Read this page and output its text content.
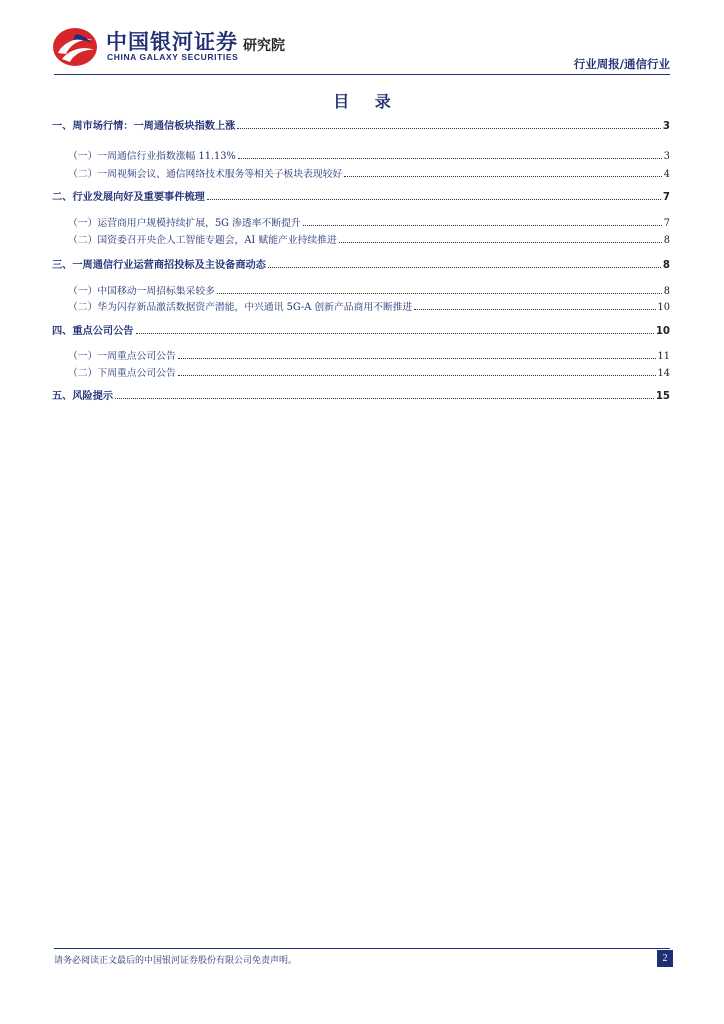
中国银河证券
CHINA GALAXY SECURITIES
研究院
行业周报/通信行业
目 录
一、周市场行情：一周通信板块指数上涨	3
（一）一周通信行业指数涨幅 11.13%	3
（二）一周视频会议、通信网络技术服务等相关子板块表现较好	4
二、行业发展向好及重要事件梳理	7
（一）运营商用户规模持续扩展，5G 渗透率不断提升	7
（二）国资委召开央企人工智能专题会，AI 赋能产业持续推进	8
三、一周通信行业运营商招投标及主设备商动态	8
（一）中国移动一周招标集采较多	8
（二）华为闪存新品激活数据资产潜能，中兴通讯 5G-A 创新产品商用不断推进	10
四、重点公司公告	10
（一）一周重点公司公告	11
（二）下周重点公司公告	14
五、风险提示	15
请务必阅读正文最后的中国银河证券股份有限公司免责声明。	2
